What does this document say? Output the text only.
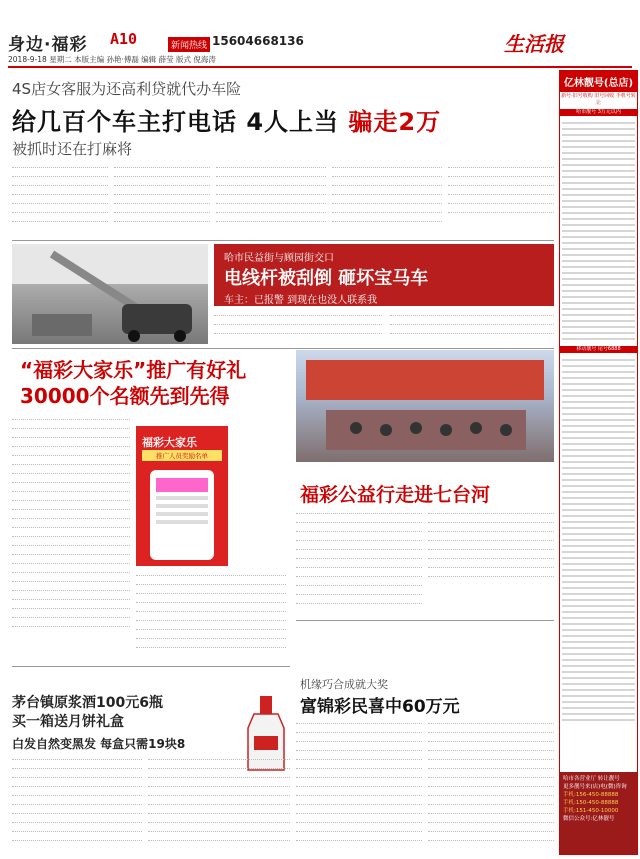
身边·福彩 A10	新闻热线 15604668136	生活报
2018-9-18 星期二 本版主编 孙艳·傅磊 编辑 薛莹 版式 倪海涛
4S店女客服为还高利贷就代办车险
给几百个车主打电话 4人上当 骗走2万
被抓时还在打麻将
哈市民益街与顾园街交口
电线杆被刮倒 砸坏宝马车
车主：已报警 到现在也没人联系我
“福彩大家乐”推广有好礼
30000个名额先到先得
福彩大家乐
推广人员奖励名单
福彩公益行走进七台河
茅台镇原浆酒100元6瓶
买一箱送月饼礼盒
白发自然变黑发 每盒只需19块8
机缘巧合成就大奖
富锦彩民喜中60万元
亿林靓号(总店)
新号·旧号收购 旧号回收 手机号转让
哈市靓号 3万元以内
移动靓号 尾号6888
哈市各营业厅 转让靓号
更多靓号来(店)电(微)咨询
手机:156-450-88888
手机:150-450-88888
手机:151-450-10000
微信公众号:亿林靓号
